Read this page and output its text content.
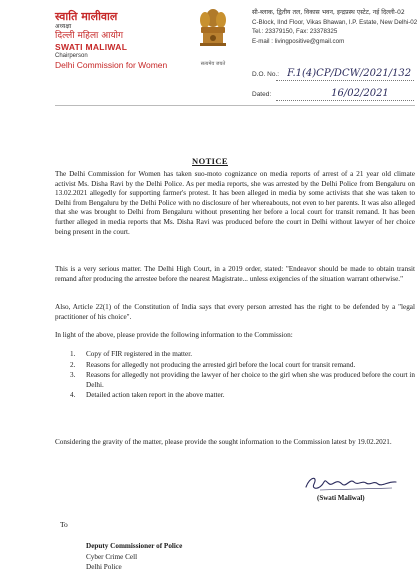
स्वाति मालीवाल
अध्यक्षा
दिल्ली महिला आयोग
SWATI MALIWAL
Chairperson
Delhi Commission for Women	सत्यमेव जयते
सी-ब्लाक, द्वितीय तल, विकास भवन, इन्द्रप्रस्थ एस्टेट, नई दिल्ली-02
C-Block, IInd Floor, Vikas Bhawan, I.P. Estate, New Delhi-02
Tel.: 23379150, Fax: 23378325
E-mail : livingpositive@gmail.com
D.O. No.: F.1(4)CP/DCW/2021/132
Dated:	16/02/2021
NOTICE

The Delhi Commission for Women has taken suo-moto cognizance on media reports of arrest of a 21 year old climate activist Ms. Disha Ravi by the Delhi Police. As per media reports, she was arrested by the Delhi Police from Bengaluru on 13.02.2021 allegedly for supporting farmer's protest. It has been alleged in media by some activists that she was taken to Delhi from Bengaluru by the Delhi Police with no disclosure of her whereabouts, not even to her parents. It was also alleged that she was brought to Delhi from Bengaluru without presenting her before a local court for transit remand. It has been further alleged in media reports that Ms. Disha Ravi was produced before the court in Delhi without lawyer of her choice being present in the court.

This is a very serious matter. The Delhi High Court, in a 2019 order, stated: "Endeavor should be made to obtain transit remand after producing the arrestee before the nearest Magistrate... unless exigencies of the situation warrant otherwise."

Also, Article 22(1) of the Constitution of India says that every person arrested has the right to be defended by a "legal practitioner of his choice".

In light of the above, please provide the following information to the Commission:

1. Copy of FIR registered in the matter.
2. Reasons for allegedly not producing the arrested girl before the local court for transit remand.
3. Reasons for allegedly not providing the lawyer of her choice to the girl when she was produced before the court in Delhi.
4. Detailed action taken report in the above matter.

Considering the gravity of the matter, please provide the sought information to the Commission latest by 19.02.2021.

(Swati Maliwal)
To
Deputy Commissioner of Police
Cyber Crime Cell
Delhi Police
